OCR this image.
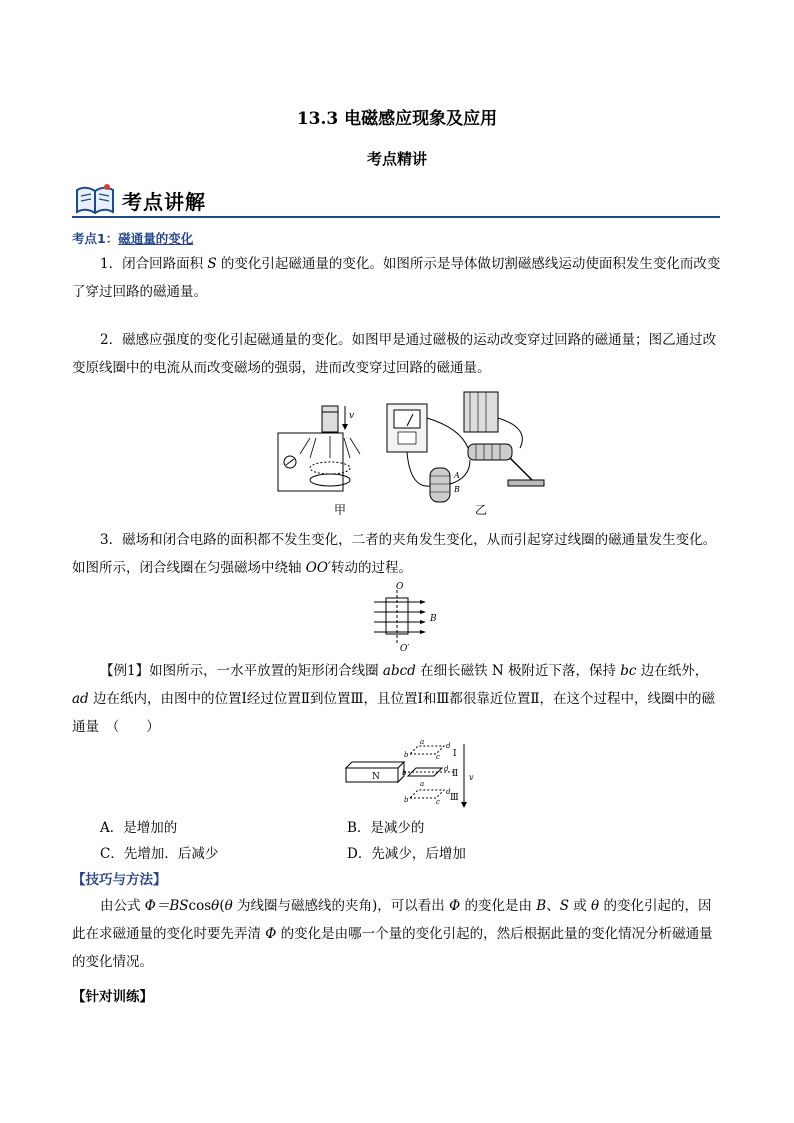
13.3 电磁感应现象及应用
考点精讲
考点讲解
考点1：磁通量的变化
1．闭合回路面积 S 的变化引起磁通量的变化。如图所示是导体做切割磁感线运动使面积发生变化而改变了穿过回路的磁通量。
2．磁感应强度的变化引起磁通量的变化。如图甲是通过磁极的运动改变穿过回路的磁通量；图乙通过改变原线圈中的电流从而改变磁场的强弱，进而改变穿过回路的磁通量。
v
甲
A
B
乙
3．磁场和闭合电路的面积都不发生变化，二者的夹角发生变化，从而引起穿过线圈的磁通量发生变化。如图所示，闭合线圈在匀强磁场中绕轴 OO′转动的过程。
O
O′
B
【例1】如图所示，一水平放置的矩形闭合线圈 abcd 在细长磁铁 N 极附近下落，保持 bc 边在纸外，ad 边在纸内，由图中的位置Ⅰ经过位置Ⅱ到位置Ⅲ，且位置Ⅰ和Ⅲ都很靠近位置Ⅱ，在这个过程中，线圈中的磁通量　（　　）
N
a	d
b	c
b	d
a
d
b	c
Ⅰ
Ⅱ
Ⅲ
v
A．是增加的	B．是减少的
C．先增加．后减少	D．先减少，后增加
【技巧与方法】
由公式 Φ＝BScosθ(θ 为线圈与磁感线的夹角)，可以看出 Φ 的变化是由 B、S 或 θ 的变化引起的，因此在求磁通量的变化时要先弄清 Φ 的变化是由哪一个量的变化引起的，然后根据此量的变化情况分析磁通量的变化情况。
【针对训练】
